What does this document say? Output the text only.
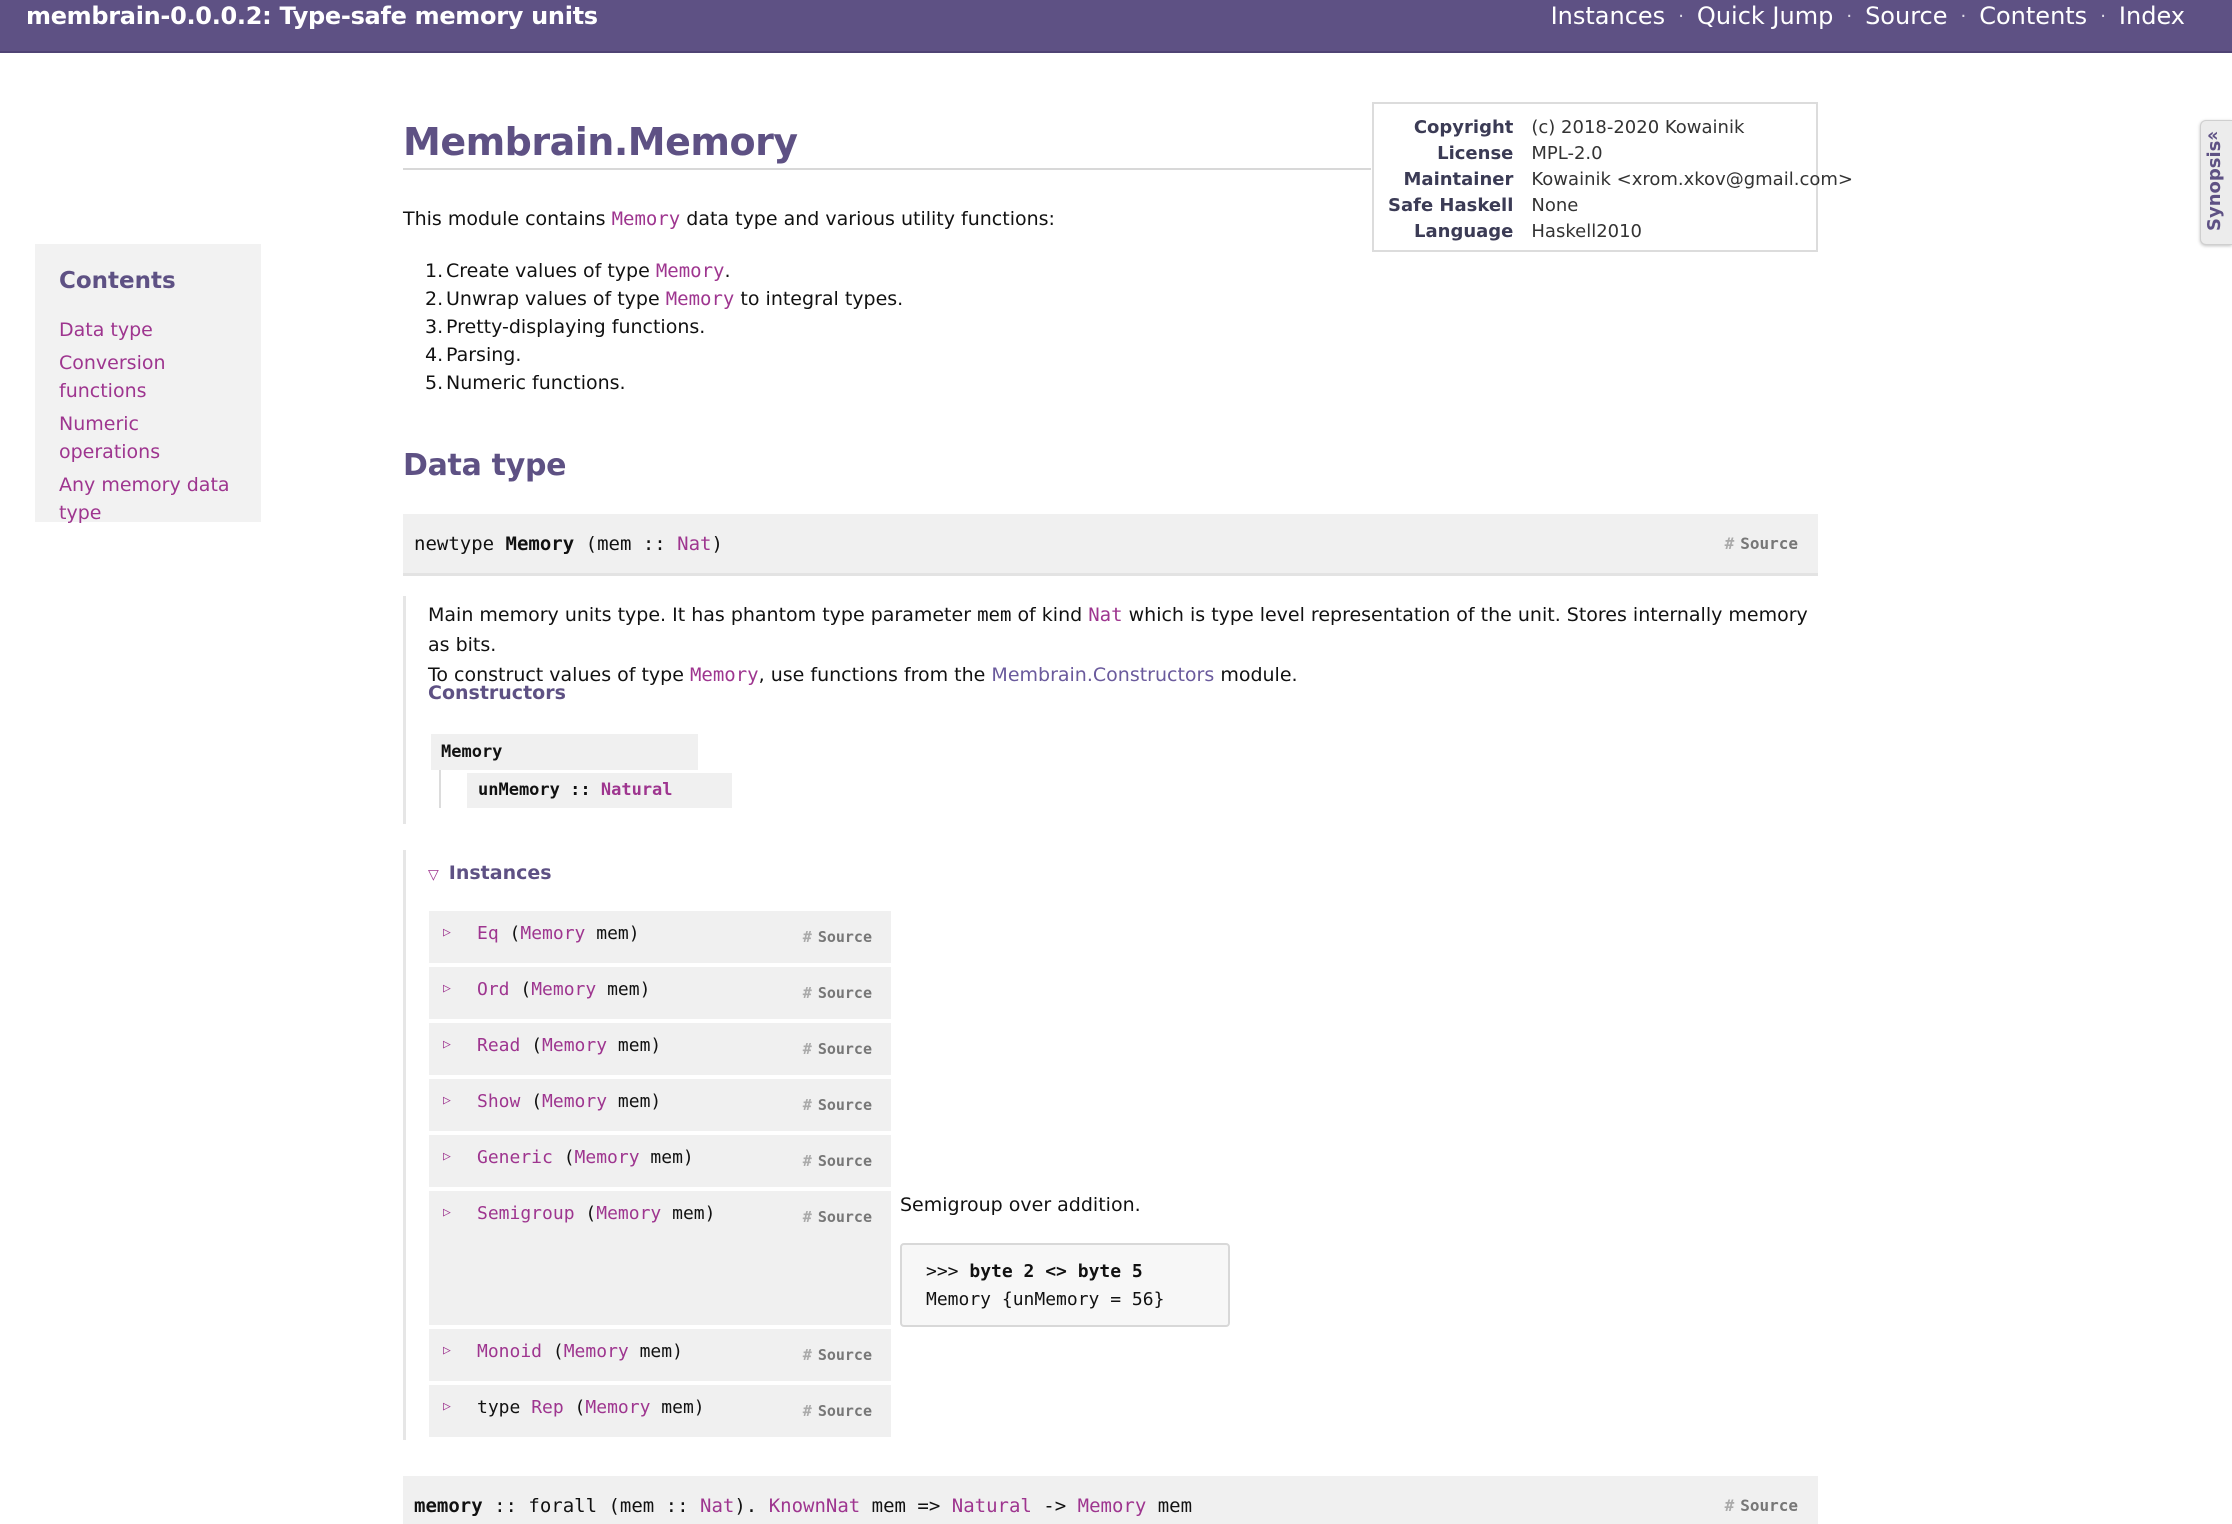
membrain-0.0.0.2: Type-safe memory units	Instances · Quick Jump · Source · Contents · Index
«
Synopsis
Copyright	(c) 2018-2020 Kowainik
License	MPL-2.0
Maintainer	Kowainik <xrom.xkov@gmail.com>
Safe Haskell	None
Language	Haskell2010
Contents
Data type
Conversion functions
Numeric operations
Any memory data type
Membrain.Memory
This module contains Memory data type and various utility functions:
1. Create values of type Memory.
2. Unwrap values of type Memory to integral types.
3. Pretty-displaying functions.
4. Parsing.
5. Numeric functions.
Data type
newtype Memory (mem :: Nat)	# Source
Main memory units type. It has phantom type parameter mem of kind Nat which is type level representation of the unit. Stores internally memory as bits.
To construct values of type Memory, use functions from the Membrain.Constructors module.
Constructors
Memory
unMemory :: Natural
▽ Instances
▷ Eq (Memory mem)	# Source
▷ Ord (Memory mem)	# Source
▷ Read (Memory mem)	# Source
▷ Show (Memory mem)	# Source
▷ Generic (Memory mem)	# Source
▷ Semigroup (Memory mem)	# Source
▷ Monoid (Memory mem)	# Source
▷ type Rep (Memory mem)	# Source
Semigroup over addition.
>>> byte 2 <> byte 5
Memory {unMemory = 56}
memory :: forall (mem :: Nat). KnownNat mem => Natural -> Memory mem	# Source
